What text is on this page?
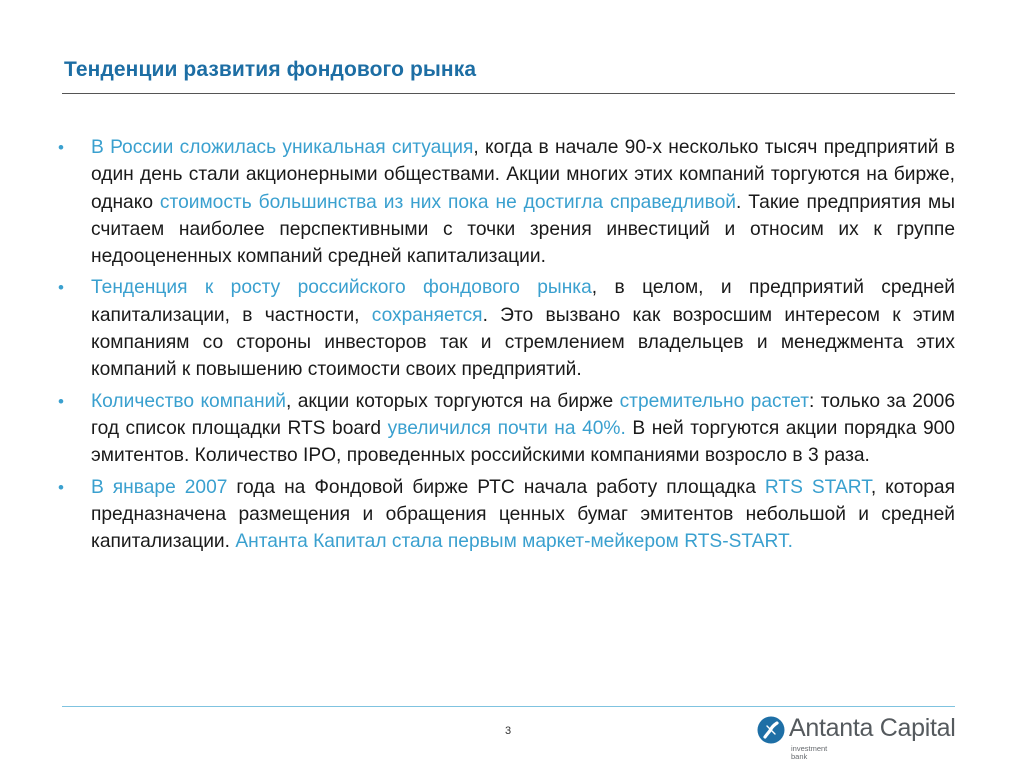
Тенденции развития фондового рынка
• В России сложилась уникальная ситуация, когда в начале 90-х несколько тысяч предприятий в один день стали акционерными обществами. Акции многих этих компаний торгуются на бирже, однако стоимость большинства из них пока не достигла справедливой. Такие предприятия мы считаем наиболее перспективными с точки зрения инвестиций и относим их к группе недооцененных компаний средней капитализации.
• Тенденция к росту российского фондового рынка, в целом, и предприятий средней капитализации, в частности, сохраняется. Это вызвано как возросшим интересом к этим компаниям со стороны инвесторов так и стремлением владельцев и менеджмента этих компаний к повышению стоимости своих предприятий.
• Количество компаний, акции которых торгуются на бирже стремительно растет: только за 2006 год список площадки RTS board увеличился почти на 40%. В ней торгуются акции порядка 900 эмитентов. Количество IPO, проведенных российскими компаниями возросло в 3 раза.
• В январе 2007 года на Фондовой бирже РТС начала работу площадка RTS START, которая предназначена размещения и обращения ценных бумаг эмитентов небольшой и средней капитализации. Антанта Капитал стала первым маркет-мейкером RTS-START.
3	Antanta Capital
investment
bank
